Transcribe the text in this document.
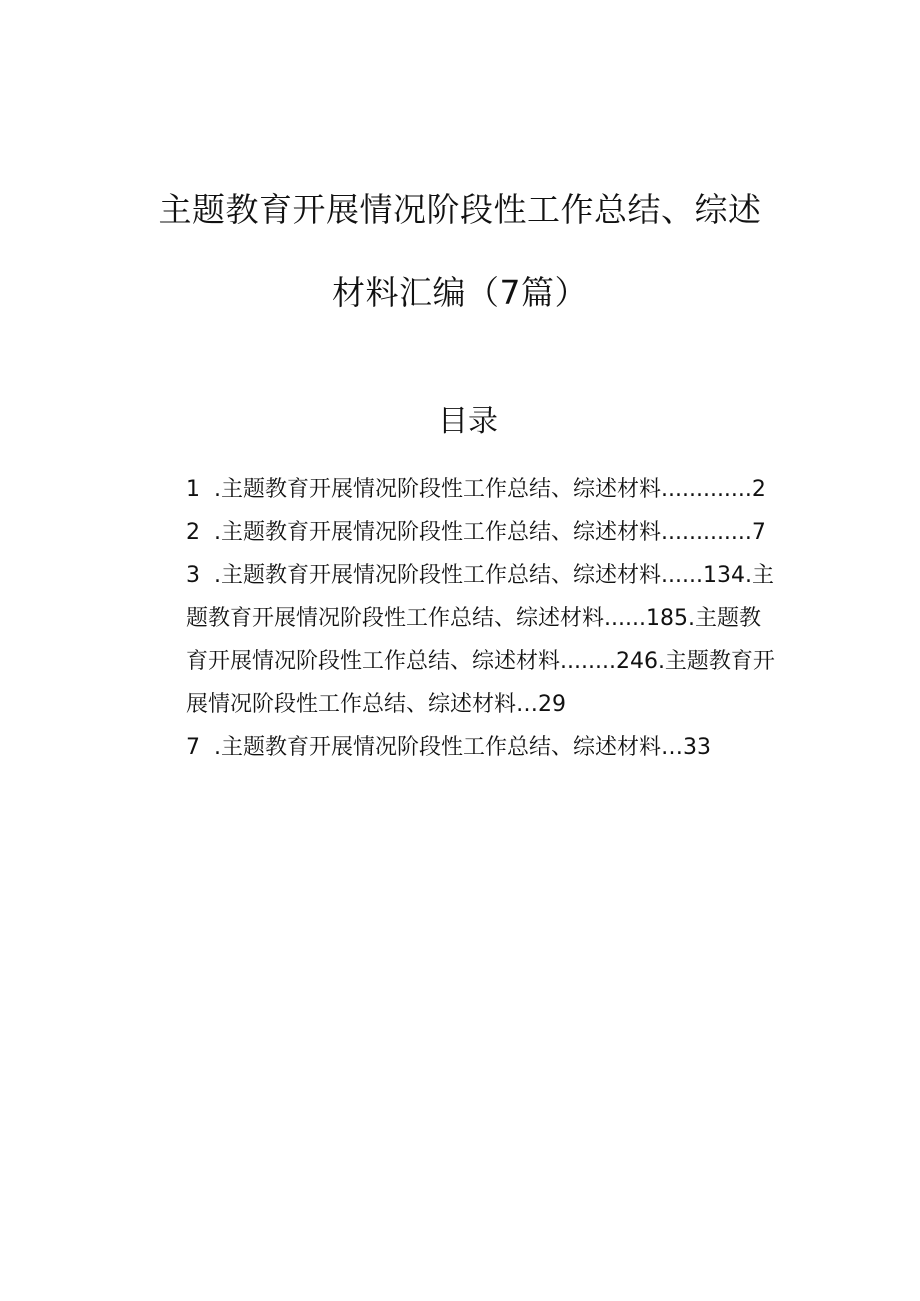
主题教育开展情况阶段性工作总结、综述
材料汇编（7篇）
目录
1 .主题教育开展情况阶段性工作总结、综述材料.............2
2 .主题教育开展情况阶段性工作总结、综述材料.............7
3 .主题教育开展情况阶段性工作总结、综述材料......134.主
题教育开展情况阶段性工作总结、综述材料......185.主题教
育开展情况阶段性工作总结、综述材料........246.主题教育开
展情况阶段性工作总结、综述材料…29
7 .主题教育开展情况阶段性工作总结、综述材料…33
